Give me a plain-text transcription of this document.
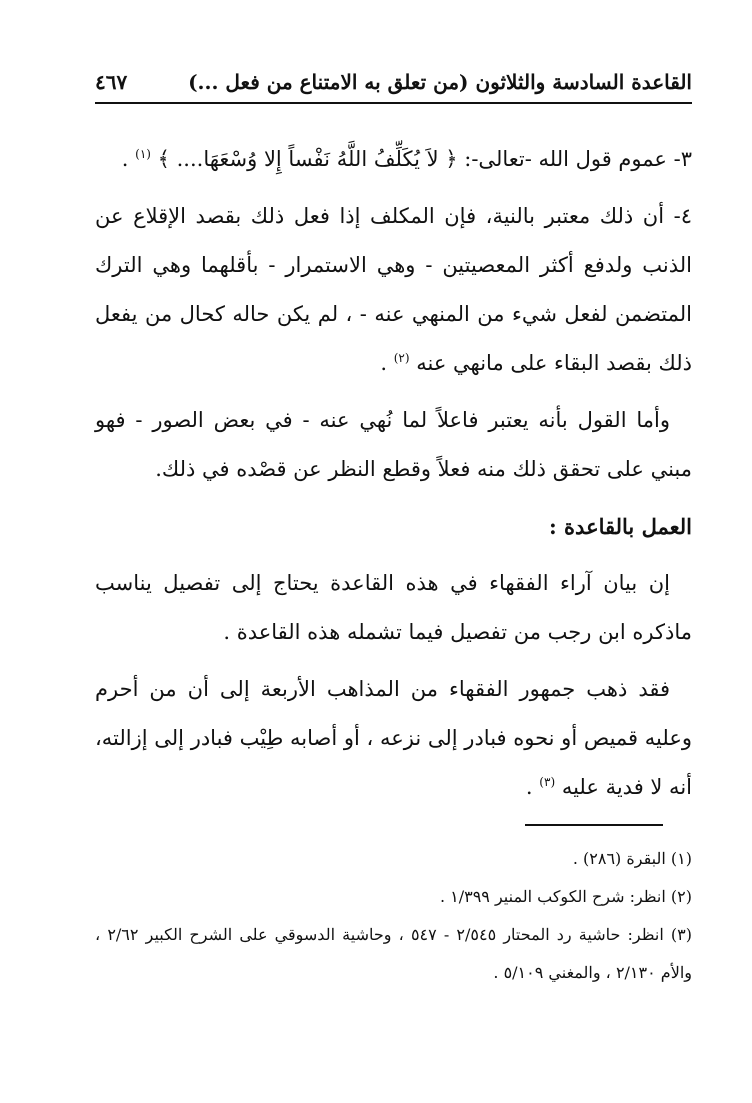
القاعدة السادسة والثلاثون (من تعلق به الامتناع من فعل ...)
٤٦٧

٣- عموم قول الله -تعالى-: ﴿ لاَ يُكَلِّفُ اللَّهُ نَفْساً إِلا وُسْعَهَا.... ﴾ $^{(١)}$ .

٤- أن ذلك معتبر بالنية، فإن المكلف إذا فعل ذلك بقصد الإقلاع عن الذنب ولدفع أكثر المعصيتين - وهي الاستمرار - بأقلهما وهي الترك المتضمن لفعل شيء من المنهي عنه - ، لم يكن حاله كحال من يفعل ذلك بقصد البقاء على مانهي عنه $^{(٢)}$ .

وأما القول بأنه يعتبر فاعلاً لما نُهي عنه - في بعض الصور - فهو مبني على تحقق ذلك منه فعلاً وقطع النظر عن قصْده في ذلك.

العمل بالقاعدة :

إن بيان آراء الفقهاء في هذه القاعدة يحتاج إلى تفصيل يناسب ماذكره ابن رجب من تفصيل فيما تشمله هذه القاعدة .

فقد ذهب جمهور الفقهاء من المذاهب الأربعة إلى أن من أحرم وعليه قميص أو نحوه فبادر إلى نزعه ، أو أصابه طِيْب فبادر إلى إزالته، أنه لا فدية عليه $^{(٣)}$ .

(١) البقرة (٢٨٦) .

(٢) انظر: شرح الكوكب المنير ١/٣٩٩ .

(٣) انظر: حاشية رد المحتار ٢/٥٤٥ - ٥٤٧ ، وحاشية الدسوقي على الشرح الكبير ٢/٦٢ ، والأم ٢/١٣٠ ، والمغني ٥/١٠٩ .
